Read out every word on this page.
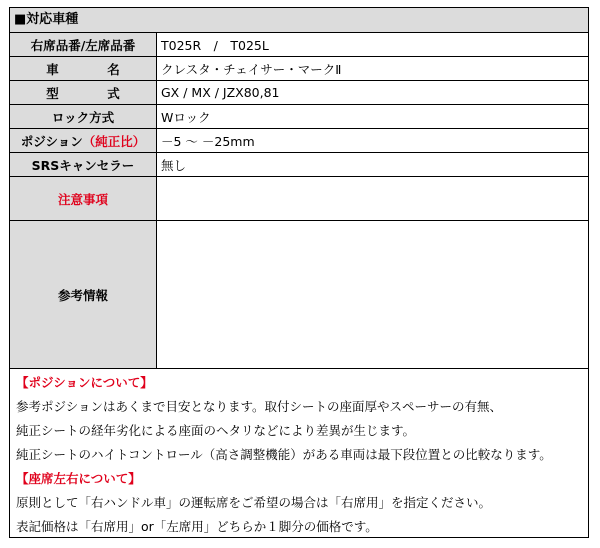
■対応車種
右席品番/左席品番	T025R　/　T025L
車　名	クレスタ・チェイサー・マークⅡ
型　式	GX / MX / JZX80,81
ロック方式	Wロック
ポジション （純正比）	－5 ～ －25mm
SRSキャンセラー	無し
注意事項
参考情報
【ポジションについて】
参考ポジションはあくまで目安となります。取付シートの座面厚やスペーサーの有無、
純正シートの経年劣化による座面のヘタリなどにより差異が生じます。
純正シートのハイトコントロール（高さ調整機能）がある車両は最下段位置との比較なります。
【座席左右について】
原則として「右ハンドル車」の運転席をご希望の場合は「右席用」を指定ください。
表記価格は「右席用」or「左席用」どちらか１脚分の価格です。
